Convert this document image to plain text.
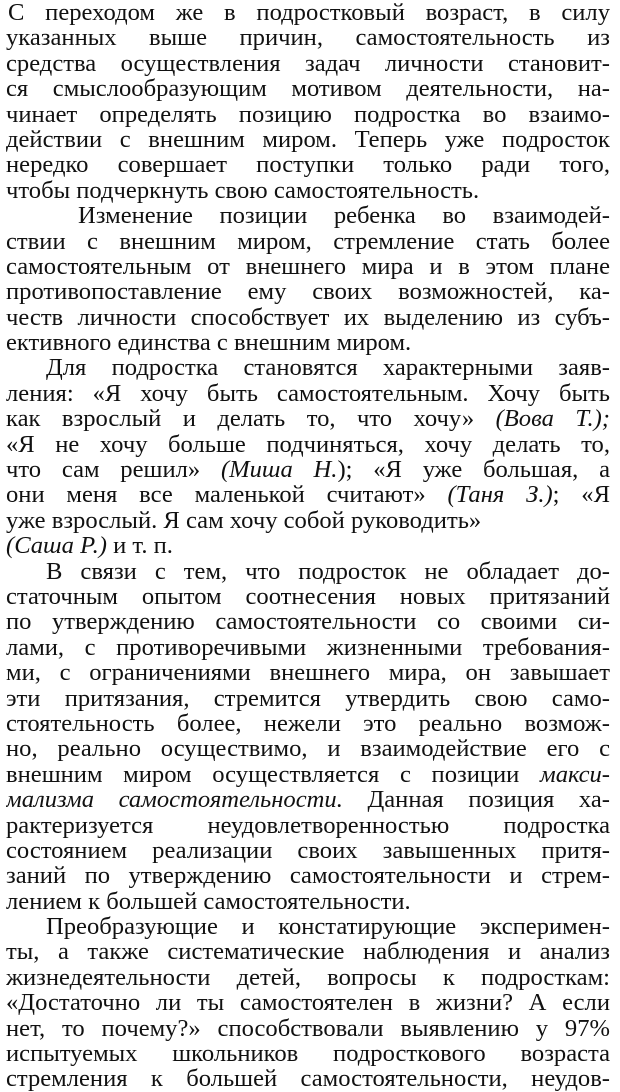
С переходом же в подростковый возраст, в силу
указанных выше причин, самостоятельность из
средства осуществления задач личности становит-
ся смыслообразующим мотивом деятельности, на-
чинает определять позицию подростка во взаимо-
действии с внешним миром. Теперь уже подросток
нередко совершает поступки только ради того,
чтобы подчеркнуть свою самостоятельность.
Изменение позиции ребенка во взаимодей-
ствии с внешним миром, стремление стать более
самостоятельным от внешнего мира и в этом плане
противопоставление ему своих возможностей, ка-
честв личности способствует их выделению из субъ-
ективного единства с внешним миром.
Для подростка становятся характерными заяв-
ления: «Я хочу быть самостоятельным. Хочу быть
как взрослый и делать то, что хочу» (Вова Т.);
«Я не хочу больше подчиняться, хочу делать то,
что сам решил» (Миша Н.); «Я уже большая, а
они меня все маленькой считают» (Таня З.); «Я
уже взрослый. Я сам хочу собой руководить»
(Саша Р.) и т. п.
В связи с тем, что подросток не обладает до-
статочным опытом соотнесения новых притязаний
по утверждению самостоятельности со своими си-
лами, с противоречивыми жизненными требования-
ми, с ограничениями внешнего мира, он завышает
эти притязания, стремится утвердить свою само-
стоятельность более, нежели это реально возмож-
но, реально осуществимо, и взаимодействие его с
внешним миром осуществляется с позиции макси-
мализма самостоятельности. Данная позиция ха-
рактеризуется неудовлетворенностью подростка
состоянием реализации своих завышенных притя-
заний по утверждению самостоятельности и стрем-
лением к большей самостоятельности.
Преобразующие и констатирующие эксперимен-
ты, а также систематические наблюдения и анализ
жизнедеятельности детей, вопросы к подросткам:
«Достаточно ли ты самостоятелен в жизни? А если
нет, то почему?» способствовали выявлению у 97%
испытуемых школьников подросткового возраста
стремления к большей самостоятельности, неудов-
